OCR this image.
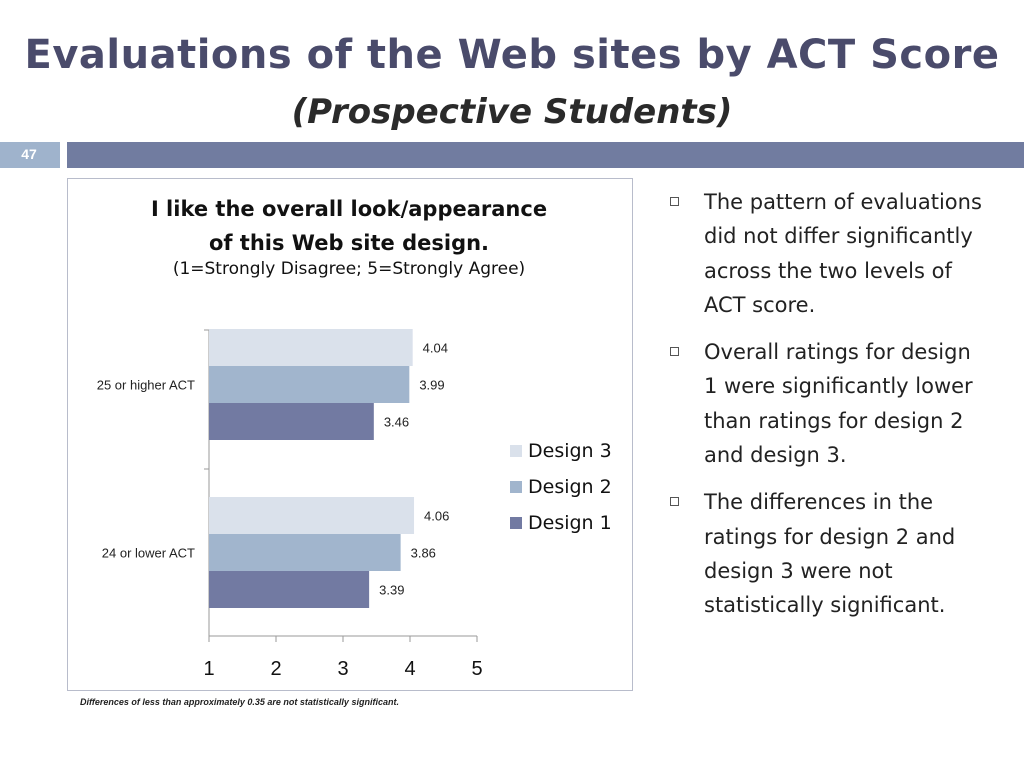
Evaluations of the Web sites by ACT Score
(Prospective Students)
47
I like the overall look/appearance
of this Web site design.
(1=Strongly Disagree; 5=Strongly Agree)
1	2	3	4	5
4.04
3.99
3.46
25 or higher ACT
4.06
3.86
3.39
24 or lower ACT
Design 3
Design 2
Design 1
Differences of less than approximately 0.35 are not statistically significant.
The pattern of evaluations did not differ significantly across the two levels of ACT score.
Overall ratings for design 1 were significantly lower than ratings for design 2 and design 3.
The differences in the ratings for design 2 and design 3 were not statistically significant.
